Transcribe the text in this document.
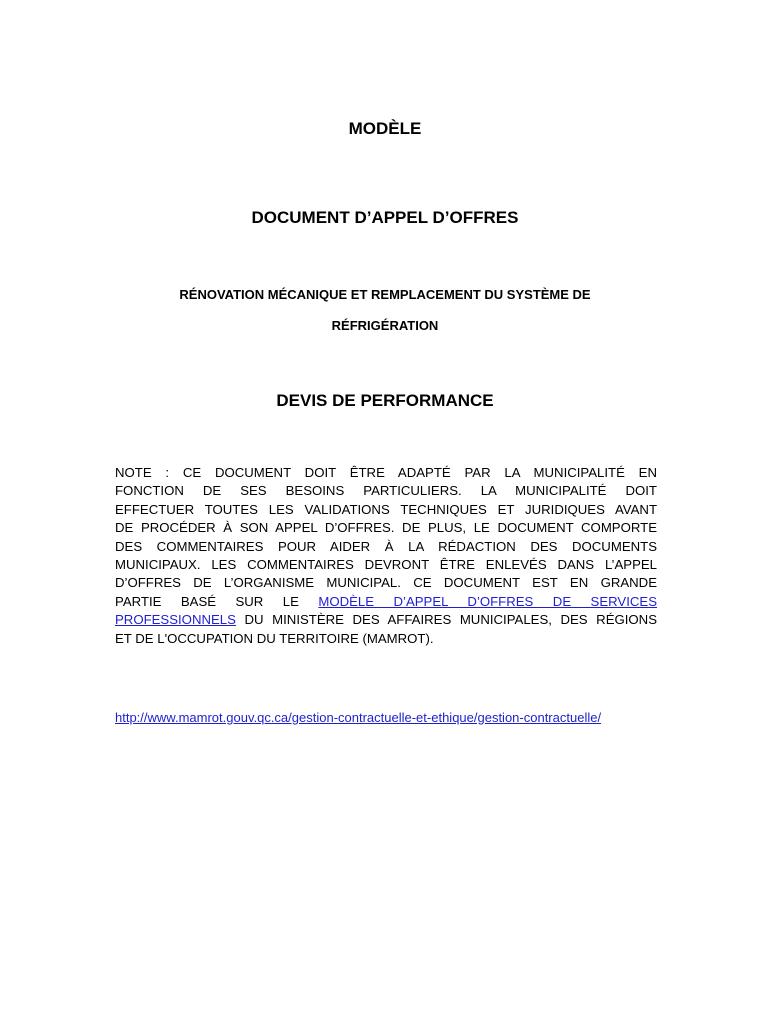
MODÈLE
DOCUMENT D’APPEL D’OFFRES
RÉNOVATION MÉCANIQUE ET REMPLACEMENT DU SYSTÈME DE
RÉFRIGÉRATION
DEVIS DE PERFORMANCE
NOTE : CE DOCUMENT DOIT ÊTRE ADAPTÉ PAR LA MUNICIPALITÉ EN
FONCTION DE SES BESOINS PARTICULIERS. LA MUNICIPALITÉ DOIT
EFFECTUER TOUTES LES VALIDATIONS TECHNIQUES ET JURIDIQUES AVANT
DE PROCÉDER À SON APPEL D’OFFRES. DE PLUS, LE DOCUMENT COMPORTE
DES COMMENTAIRES POUR AIDER À LA RÉDACTION DES DOCUMENTS
MUNICIPAUX. LES COMMENTAIRES DEVRONT ÊTRE ENLEVÉS DANS L’APPEL
D’OFFRES DE L’ORGANISME MUNICIPAL. CE DOCUMENT EST EN GRANDE
PARTIE BASÉ SUR LE MODÈLE D’APPEL D’OFFRES DE SERVICES
PROFESSIONNELS DU MINISTÈRE DES AFFAIRES MUNICIPALES, DES RÉGIONS
ET DE L'OCCUPATION DU TERRITOIRE (MAMROT).
http://www.mamrot.gouv.qc.ca/gestion-contractuelle-et-ethique/gestion-contractuelle/
